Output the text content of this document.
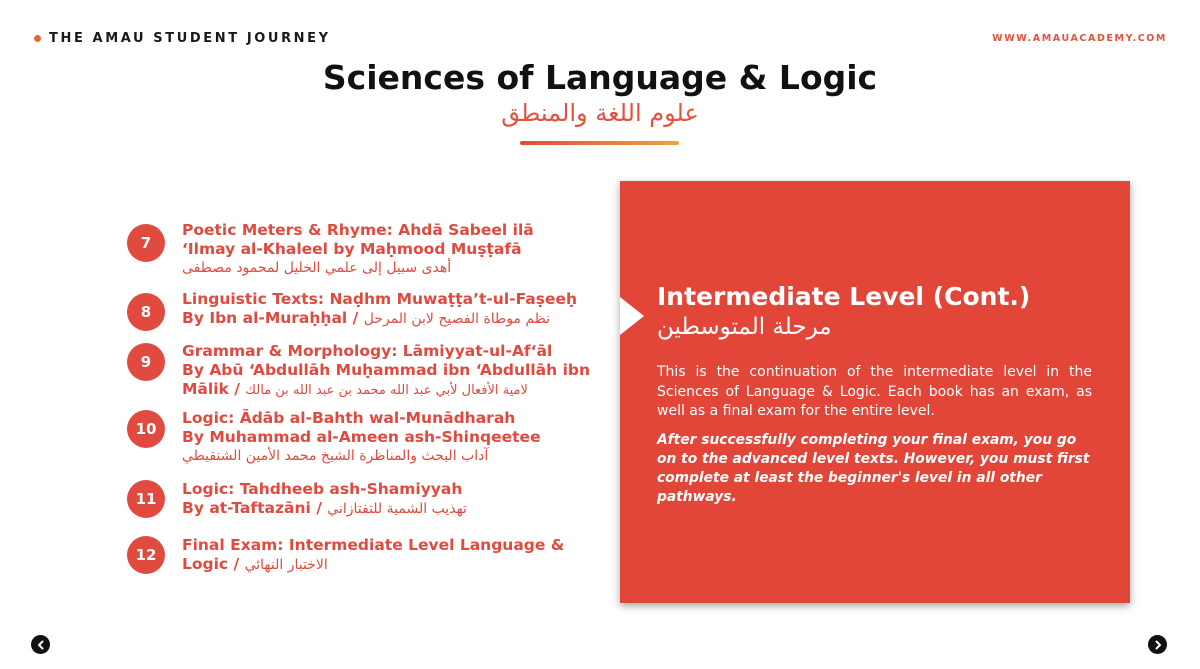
THE AMAU STUDENT JOURNEY	WWW.AMAUACADEMY.COM
Sciences of Language & Logic
علوم اللغة والمنطق
7
Poetic Meters & Rhyme: Ahdā Sabeel ilā
‘Ilmay al-Khaleel by Maḥmood Muṣṭafā
أهدى سبيل إلى علمي الخليل لمحمود مصطفى
8
Linguistic Texts: Naḍhm Muwaṭṭa’t-ul-Faṣeeḥ
By Ibn al-Muraḥḥal / نظم موطاة الفصيح لابن المرحل
9
Grammar & Morphology: Lāmiyyat-ul-Af‘āl
By Abū ‘Abdullāh Muḥammad ibn ‘Abdullāh ibn
Mālik / لامية الأفعال لأبي عبد الله محمد بن عبد الله بن مالك
10
Logic: Ādāb al-Bahth wal-Munādharah
By Muhammad al-Ameen ash-Shinqeetee
آداب البحث والمناظرة الشيخ محمد الأمين الشنقيطي
11
Logic: Tahdheeb ash-Shamiyyah
By at-Taftazāni / تهذيب الشمية للتفتازاني
12
Final Exam: Intermediate Level Language &
Logic / الاختبار النهائي
Intermediate Level (Cont.)
مرحلة المتوسطين
This is the continuation of the intermediate level in the Sciences of Language & Logic. Each book has an exam, as well as a final exam for the entire level.
After successfully completing your final exam, you go on to the advanced level texts. However, you must first complete at least the beginner's level in all other pathways.
